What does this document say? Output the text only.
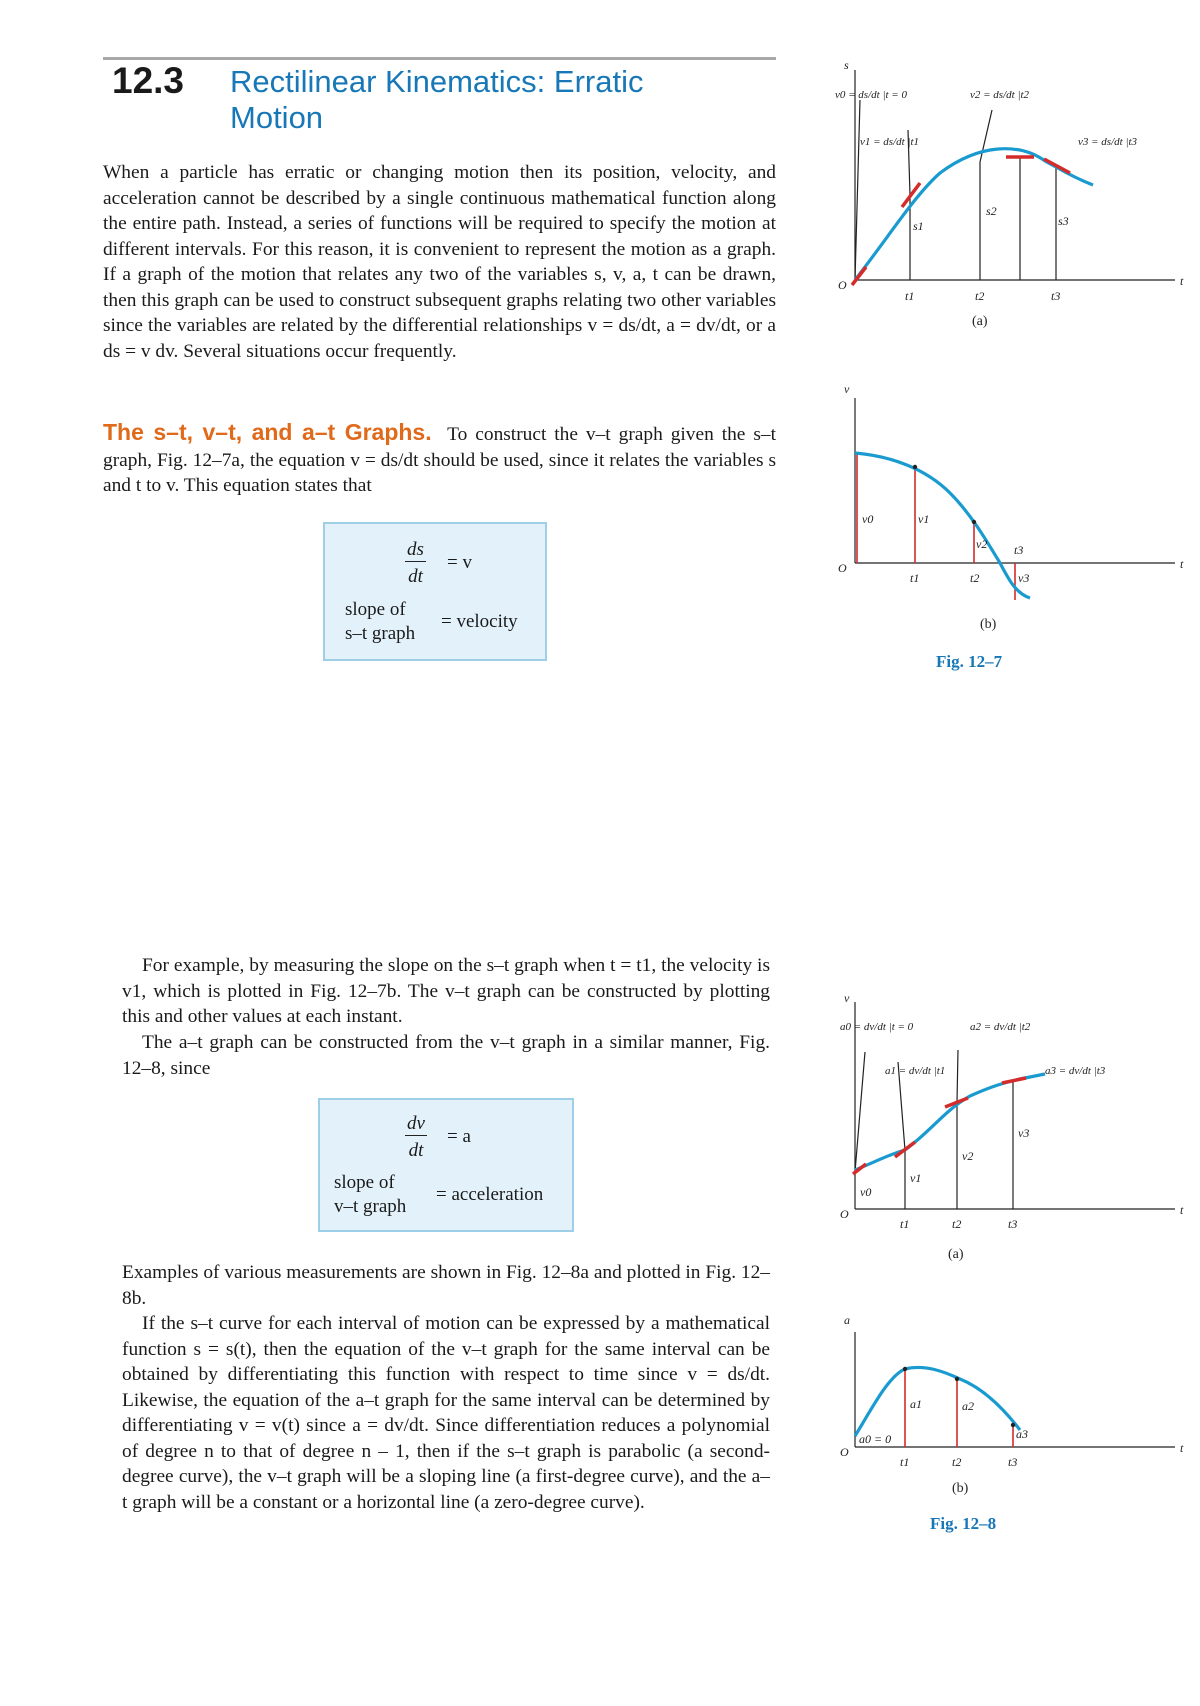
12.3 Rectilinear Kinematics: Erratic Motion

When a particle has erratic or changing motion then its position, velocity, and acceleration cannot be described by a single continuous mathematical function along the entire path. Instead, a series of functions will be required to specify the motion at different intervals. For this reason, it is convenient to represent the motion as a graph. If a graph of the motion that relates any two of the variables s, v, a, t can be drawn, then this graph can be used to construct subsequent graphs relating two other variables since the variables are related by the differential relationships v = ds/dt, a = dv/dt, or a ds = v dv. Several situations occur frequently.

The s–t, v–t, and a–t Graphs. To construct the v–t graph given the s–t graph, Fig. 12–7a, the equation v = ds/dt should be used, since it relates the variables s and t to v. This equation states that

$\frac{ds}{dt} = v$
slope of
s–t graph
= velocity

For example, by measuring the slope on the s–t graph when t = t1, the velocity is v1, which is plotted in Fig. 12–7b. The v–t graph can be constructed by plotting this and other values at each instant.

The a–t graph can be constructed from the v–t graph in a similar manner, Fig. 12–8, since

$\frac{dv}{dt} = a$
slope of
v–t graph
= acceleration

Examples of various measurements are shown in Fig. 12–8a and plotted in Fig. 12–8b.

If the s–t curve for each interval of motion can be expressed by a mathematical function s = s(t), then the equation of the v–t graph for the same interval can be obtained by differentiating this function with respect to time since v = ds/dt. Likewise, the equation of the a–t graph for the same interval can be determined by differentiating v = v(t) since a = dv/dt. Since differentiation reduces a polynomial of degree n to that of degree n – 1, then if the s–t graph is parabolic (a second-degree curve), the v–t graph will be a sloping line (a first-degree curve), and the a–t graph will be a constant or a horizontal line (a zero-degree curve).

s
t
O
v0 = ds/dt |t = 0
v1 = ds/dt |t1
v2 = ds/dt |t2
v3 = ds/dt |t3
s1
s2
s3
t1	t2	t3
(a)
v
t
O
v0	v1
v2
v3
t1	t2
t3
(b)
Fig. 12–7
v
t
O
a0 = dv/dt |t = 0
a1 = dv/dt |t1
a2 = dv/dt |t2
a3 = dv/dt |t3
v0
v1
v2
v3
t1	t2	t3
(a)
a
t
O
a0 = 0
a1	a2
a3
t1	t2	t3
(b)
Fig. 12–8
